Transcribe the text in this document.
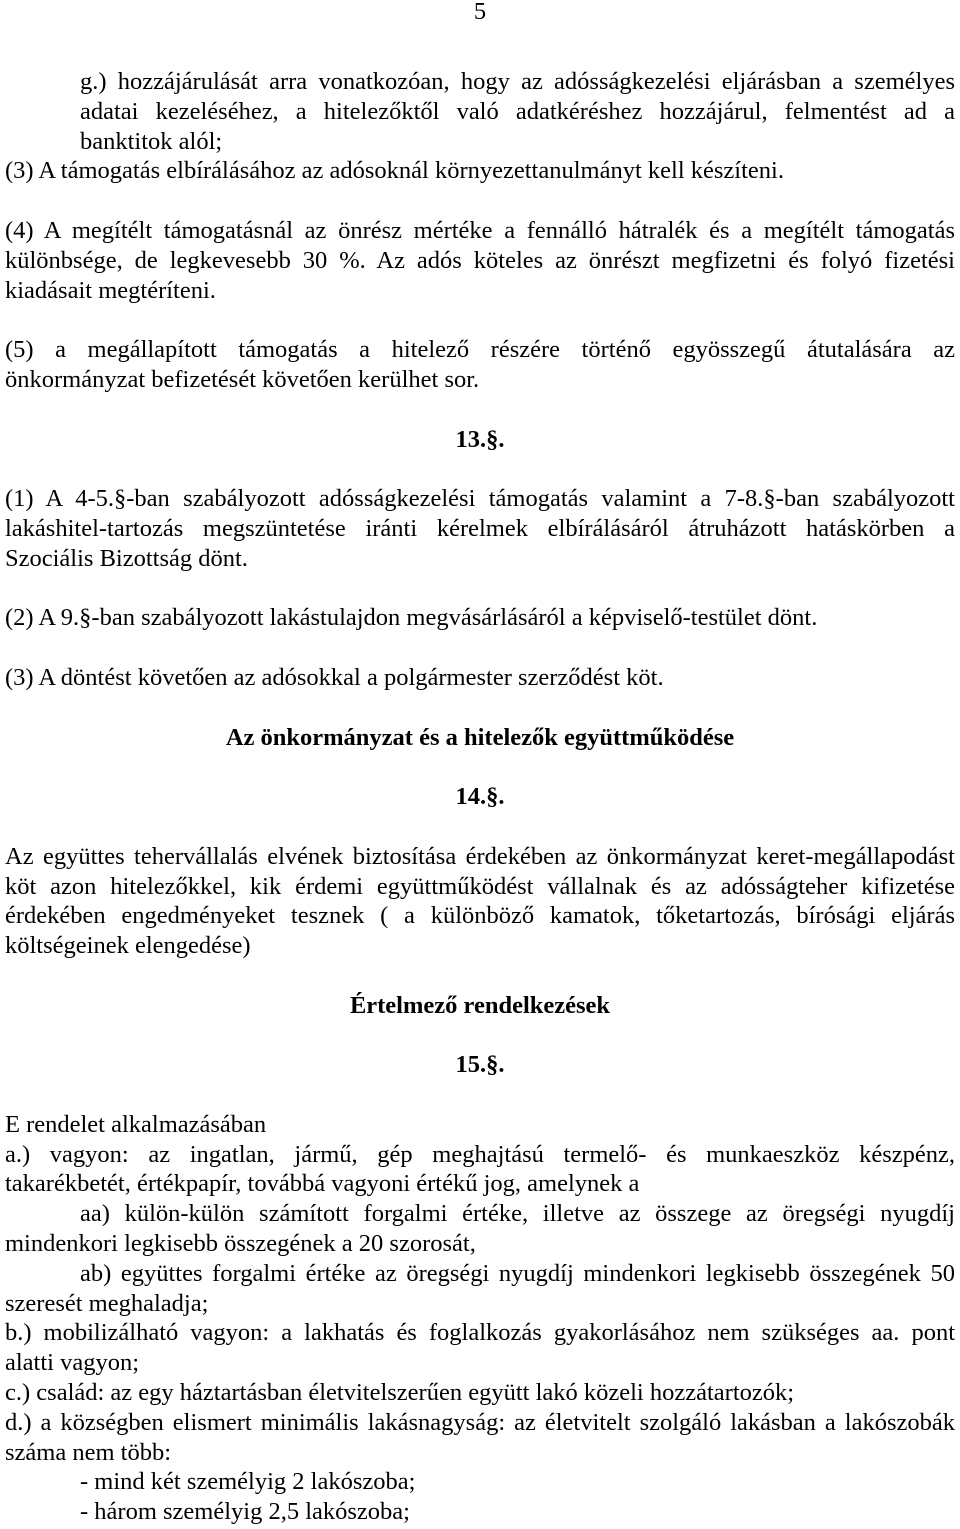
5
g.) hozzájárulását arra vonatkozóan, hogy az adósságkezelési eljárásban a személyes
adatai kezeléséhez, a hitelezőktől való adatkéréshez hozzájárul, felmentést ad a
banktitok alól;
(3) A támogatás elbírálásához az adósoknál környezettanulmányt kell készíteni.
(4) A megítélt támogatásnál az önrész mértéke a fennálló hátralék és a megítélt támogatás
különbsége, de legkevesebb 30 %. Az adós köteles az önrészt megfizetni és folyó fizetési
kiadásait megtéríteni.
(5) a megállapított támogatás a hitelező részére történő egyösszegű átutalására az
önkormányzat befizetését követően kerülhet sor.
13.§.
(1) A 4-5.§-ban szabályozott adósságkezelési támogatás valamint a 7-8.§-ban szabályozott
lakáshitel-tartozás megszüntetése iránti kérelmek elbírálásáról átruházott hatáskörben a
Szociális Bizottság dönt.
(2) A 9.§-ban szabályozott lakástulajdon megvásárlásáról a képviselő-testület dönt.
(3) A döntést követően az adósokkal a polgármester szerződést köt.
Az önkormányzat és a hitelezők együttműködése
14.§.
Az együttes tehervállalás elvének biztosítása érdekében az önkormányzat keret-megállapodást
köt azon hitelezőkkel, kik érdemi együttműködést vállalnak és az adósságteher kifizetése
érdekében engedményeket tesznek ( a különböző kamatok, tőketartozás, bírósági eljárás
költségeinek elengedése)
Értelmező rendelkezések
15.§.
E rendelet alkalmazásában
a.) vagyon: az ingatlan, jármű, gép meghajtású termelő- és munkaeszköz készpénz,
takarékbetét, értékpapír, továbbá vagyoni értékű jog, amelynek a
aa) külön-külön számított forgalmi értéke, illetve az összege az öregségi nyugdíj
mindenkori legkisebb összegének a 20 szorosát,
ab) együttes forgalmi értéke az öregségi nyugdíj mindenkori legkisebb összegének 50
szeresét meghaladja;
b.) mobilizálható vagyon: a lakhatás és foglalkozás gyakorlásához nem szükséges aa. pont
alatti vagyon;
c.) család: az egy háztartásban életvitelszerűen együtt lakó közeli hozzátartozók;
d.) a községben elismert minimális lakásnagyság: az életvitelt szolgáló lakásban a lakószobák
száma nem több:
- mind két személyig 2 lakószoba;
- három személyig 2,5 lakószoba;
